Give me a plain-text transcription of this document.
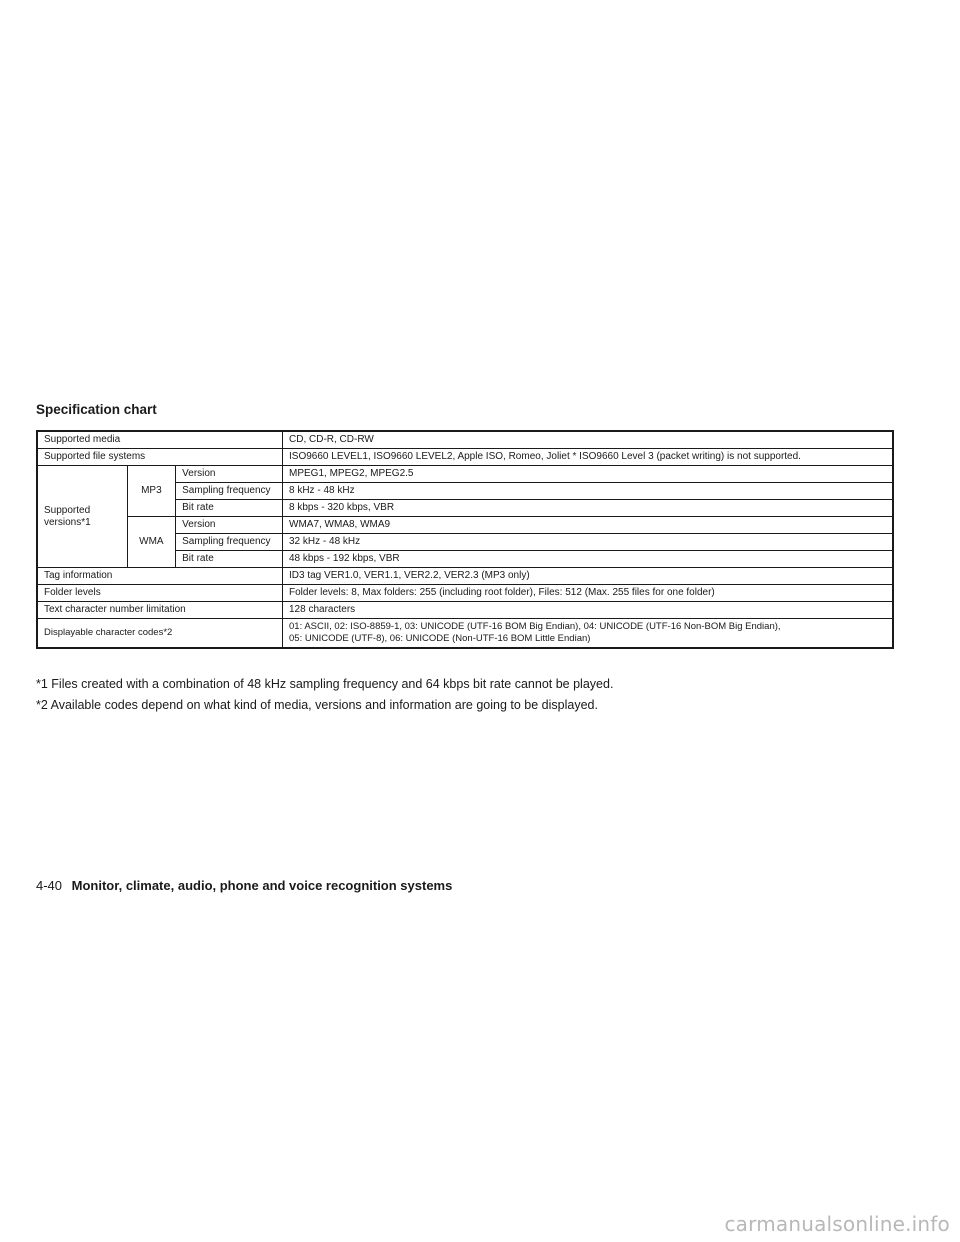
Specification chart
Supported media			CD, CD-R, CD-RW
Supported file systems			ISO9660 LEVEL1, ISO9660 LEVEL2, Apple ISO, Romeo, Joliet * ISO9660 Level 3 (packet writing) is not supported.
Supported versions*1	MP3	Version	MPEG1, MPEG2, MPEG2.5
		Sampling frequency	8 kHz - 48 kHz
		Bit rate	8 kbps - 320 kbps, VBR
	WMA	Version	WMA7, WMA8, WMA9
		Sampling frequency	32 kHz - 48 kHz
		Bit rate	48 kbps - 192 kbps, VBR
Tag information			ID3 tag VER1.0, VER1.1, VER2.2, VER2.3 (MP3 only)
Folder levels			Folder levels: 8, Max folders: 255 (including root folder), Files: 512 (Max. 255 files for one folder)
Text character number limitation			128 characters
Displayable character codes*2			01: ASCII, 02: ISO-8859-1, 03: UNICODE (UTF-16 BOM Big Endian), 04: UNICODE (UTF-16 Non-BOM Big Endian),
05: UNICODE (UTF-8), 06: UNICODE (Non-UTF-16 BOM Little Endian)

*1 Files created with a combination of 48 kHz sampling frequency and 64 kbps bit rate cannot be played.

*2 Available codes depend on what kind of media, versions and information are going to be displayed.

4-40 Monitor, climate, audio, phone and voice recognition systems
carmanualsonline.info
